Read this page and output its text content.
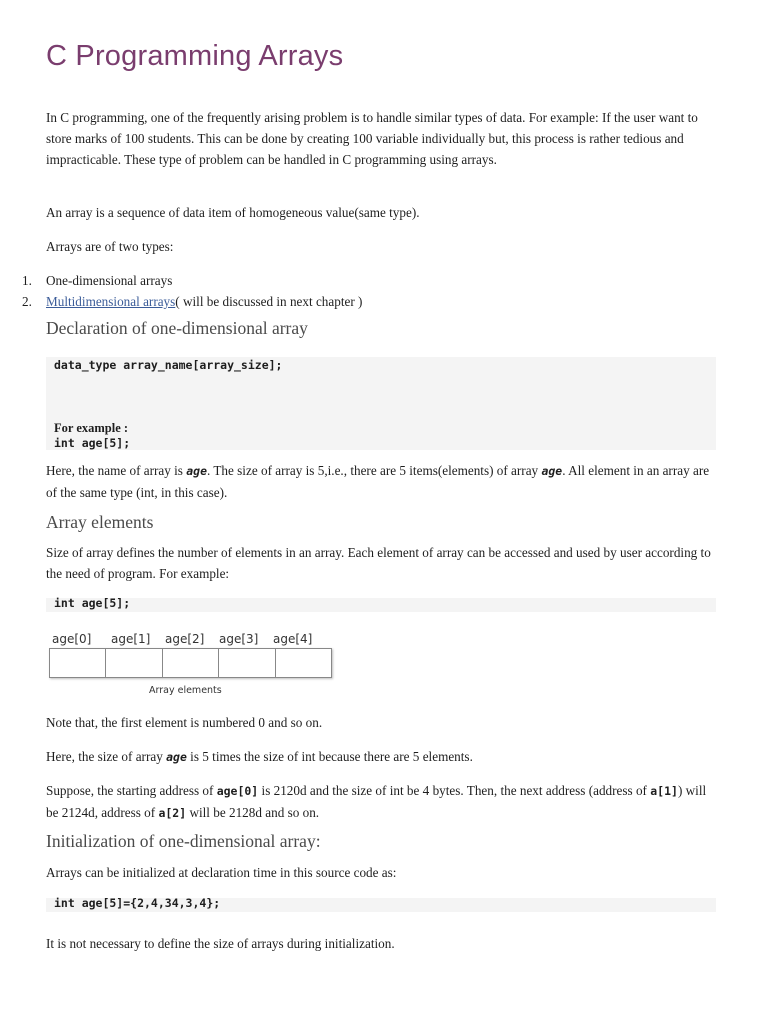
C Programming Arrays
In C programming, one of the frequently arising problem is to handle similar types of data. For example: If the user want to store marks of 100 students. This can be done by creating 100 variable individually but, this process is rather tedious and impracticable. These type of problem can be handled in C programming using arrays.
An array is a sequence of data item of homogeneous value(same type).
Arrays are of two types:
1. One-dimensional arrays
2. Multidimensional arrays( will be discussed in next chapter )
Declaration of one-dimensional array
data_type array_name[array_size];
For example :
int age[5];
Here, the name of array is age. The size of array is 5,i.e., there are 5 items(elements) of array age. All element in an array are of the same type (int, in this case).
Array elements
Size of array defines the number of elements in an array. Each element of array can be accessed and used by user according to the need of program. For example:
int age[5];
age[0] age[1] age[2] age[3] age[4]
Array elements
Note that, the first element is numbered 0 and so on.
Here, the size of array age is 5 times the size of int because there are 5 elements.
Suppose, the starting address of age[0] is 2120d and the size of int be 4 bytes. Then, the next address (address of a[1]) will be 2124d, address of a[2] will be 2128d and so on.
Initialization of one-dimensional array:
Arrays can be initialized at declaration time in this source code as:
int age[5]={2,4,34,3,4};
It is not necessary to define the size of arrays during initialization.
